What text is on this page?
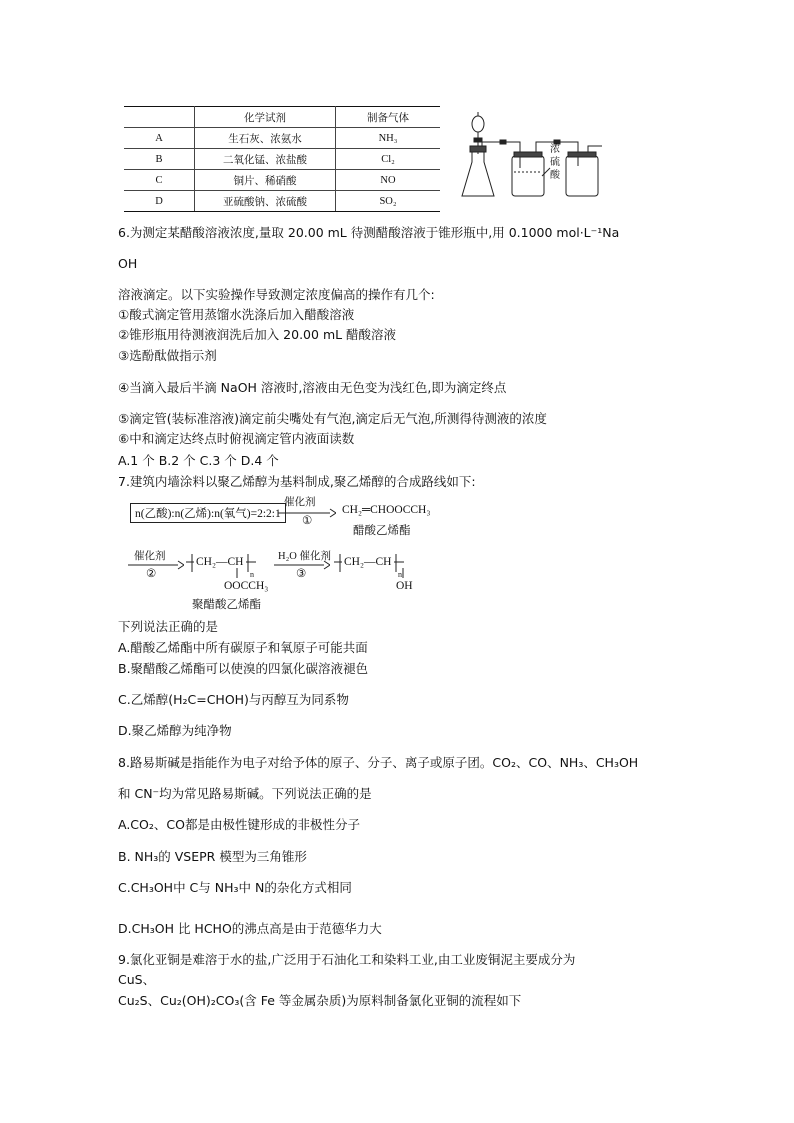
	化学试剂	制备气体
A	生石灰、浓氨水	NH₃
B	二氧化锰、浓盐酸	Cl₂
C	铜片、稀硝酸	NO
D	亚硫酸钠、浓硫酸	SO₂
浓
硫
酸
6.为测定某醋酸溶液浓度,量取 20.00 mL 待测醋酸溶液于锥形瓶中,用 0.1000 mol·L⁻¹Na
OH
溶液滴定。以下实验操作导致测定浓度偏高的操作有几个:
①酸式滴定管用蒸馏水洗涤后加入醋酸溶液
②锥形瓶用待测液润洗后加入 20.00 mL 醋酸溶液
③选酚酞做指示剂
④当滴入最后半滴 NaOH 溶液时,溶液由无色变为浅红色,即为滴定终点
⑤滴定管(装标准溶液)滴定前尖嘴处有气泡,滴定后无气泡,所测得待测液的浓度
⑥中和滴定达终点时俯视滴定管内液面读数
A.1 个 B.2 个 C.3 个 D.4 个
7.建筑内墙涂料以聚乙烯醇为基料制成,聚乙烯醇的合成路线如下:
n(乙酸):n(乙烯):n(氧气)=2:2:1
催化剂
①
CH₂═CHOOCCH₃
醋酸乙烯酯
催化剂
②
CH₂—CH
n
OOCCH₃
聚醋酸乙烯酯
H₂O 催化剂
③
CH₂—CH
n
OH
下列说法正确的是
A.醋酸乙烯酯中所有碳原子和氧原子可能共面
B.聚醋酸乙烯酯可以使溴的四氯化碳溶液褪色
C.乙烯醇(H₂C=CHOH)与丙醇互为同系物
D.聚乙烯醇为纯净物
8.路易斯碱是指能作为电子对给予体的原子、分子、离子或原子团。CO₂、CO、NH₃、CH₃OH
和 CN⁻均为常见路易斯碱。下列说法正确的是
A.CO₂、CO都是由极性键形成的非极性分子
B. NH₃的 VSEPR 模型为三角锥形
C.CH₃OH中 C与 NH₃中 N的杂化方式相同
D.CH₃OH 比 HCHO的沸点高是由于范德华力大
9.氯化亚铜是难溶于水的盐,广泛用于石油化工和染料工业,由工业废铜泥主要成分为
CuS、
Cu₂S、Cu₂(OH)₂CO₃(含 Fe 等金属杂质)为原料制备氯化亚铜的流程如下
